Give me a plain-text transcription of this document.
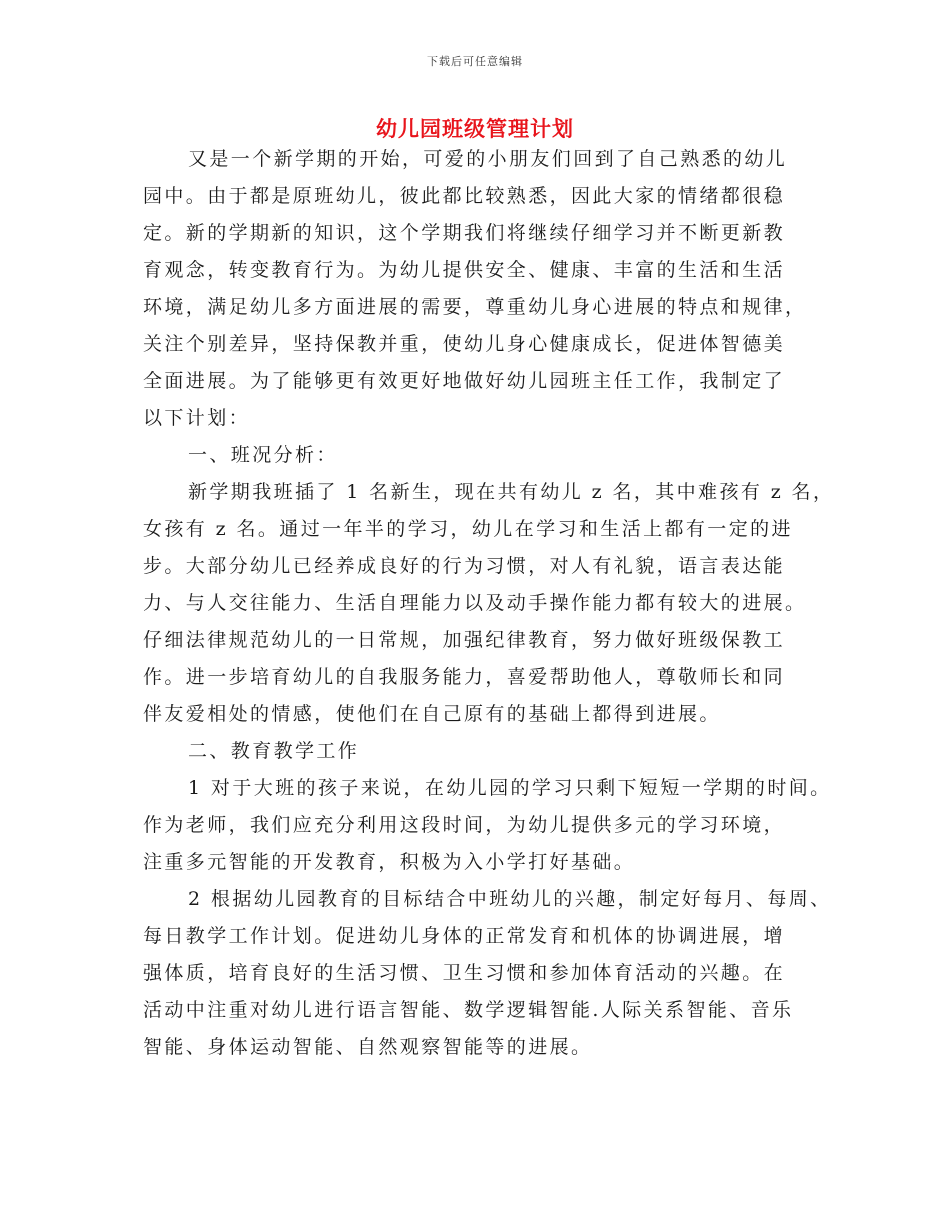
下载后可任意编辑
幼儿园班级管理计划
又是一个新学期的开始，可爱的小朋友们回到了自己熟悉的幼儿
园中。由于都是原班幼儿，彼此都比较熟悉，因此大家的情绪都很稳
定。新的学期新的知识，这个学期我们将继续仔细学习并不断更新教
育观念，转变教育行为。为幼儿提供安全、健康、丰富的生活和生活
环境，满足幼儿多方面进展的需要，尊重幼儿身心进展的特点和规律，
关注个别差异，坚持保教并重，使幼儿身心健康成长，促进体智德美
全面进展。为了能够更有效更好地做好幼儿园班主任工作，我制定了
以下计划：
一、班况分析：
新学期我班插了 1 名新生，现在共有幼儿 z 名，其中难孩有 z 名，
女孩有 z 名。通过一年半的学习，幼儿在学习和生活上都有一定的进
步。大部分幼儿已经养成良好的行为习惯，对人有礼貌，语言表达能
力、与人交往能力、生活自理能力以及动手操作能力都有较大的进展。
仔细法律规范幼儿的一日常规，加强纪律教育，努力做好班级保教工
作。进一步培育幼儿的自我服务能力，喜爱帮助他人，尊敬师长和同
伴友爱相处的情感，使他们在自己原有的基础上都得到进展。
二、教育教学工作
1 对于大班的孩子来说，在幼儿园的学习只剩下短短一学期的时间。
作为老师，我们应充分利用这段时间，为幼儿提供多元的学习环境，
注重多元智能的开发教育，积极为入小学打好基础。
2 根据幼儿园教育的目标结合中班幼儿的兴趣，制定好每月、每周、
每日教学工作计划。促进幼儿身体的正常发育和机体的协调进展，增
强体质，培育良好的生活习惯、卫生习惯和参加体育活动的兴趣。在
活动中注重对幼儿进行语言智能、数学逻辑智能.人际关系智能、音乐
智能、身体运动智能、自然观察智能等的进展。
